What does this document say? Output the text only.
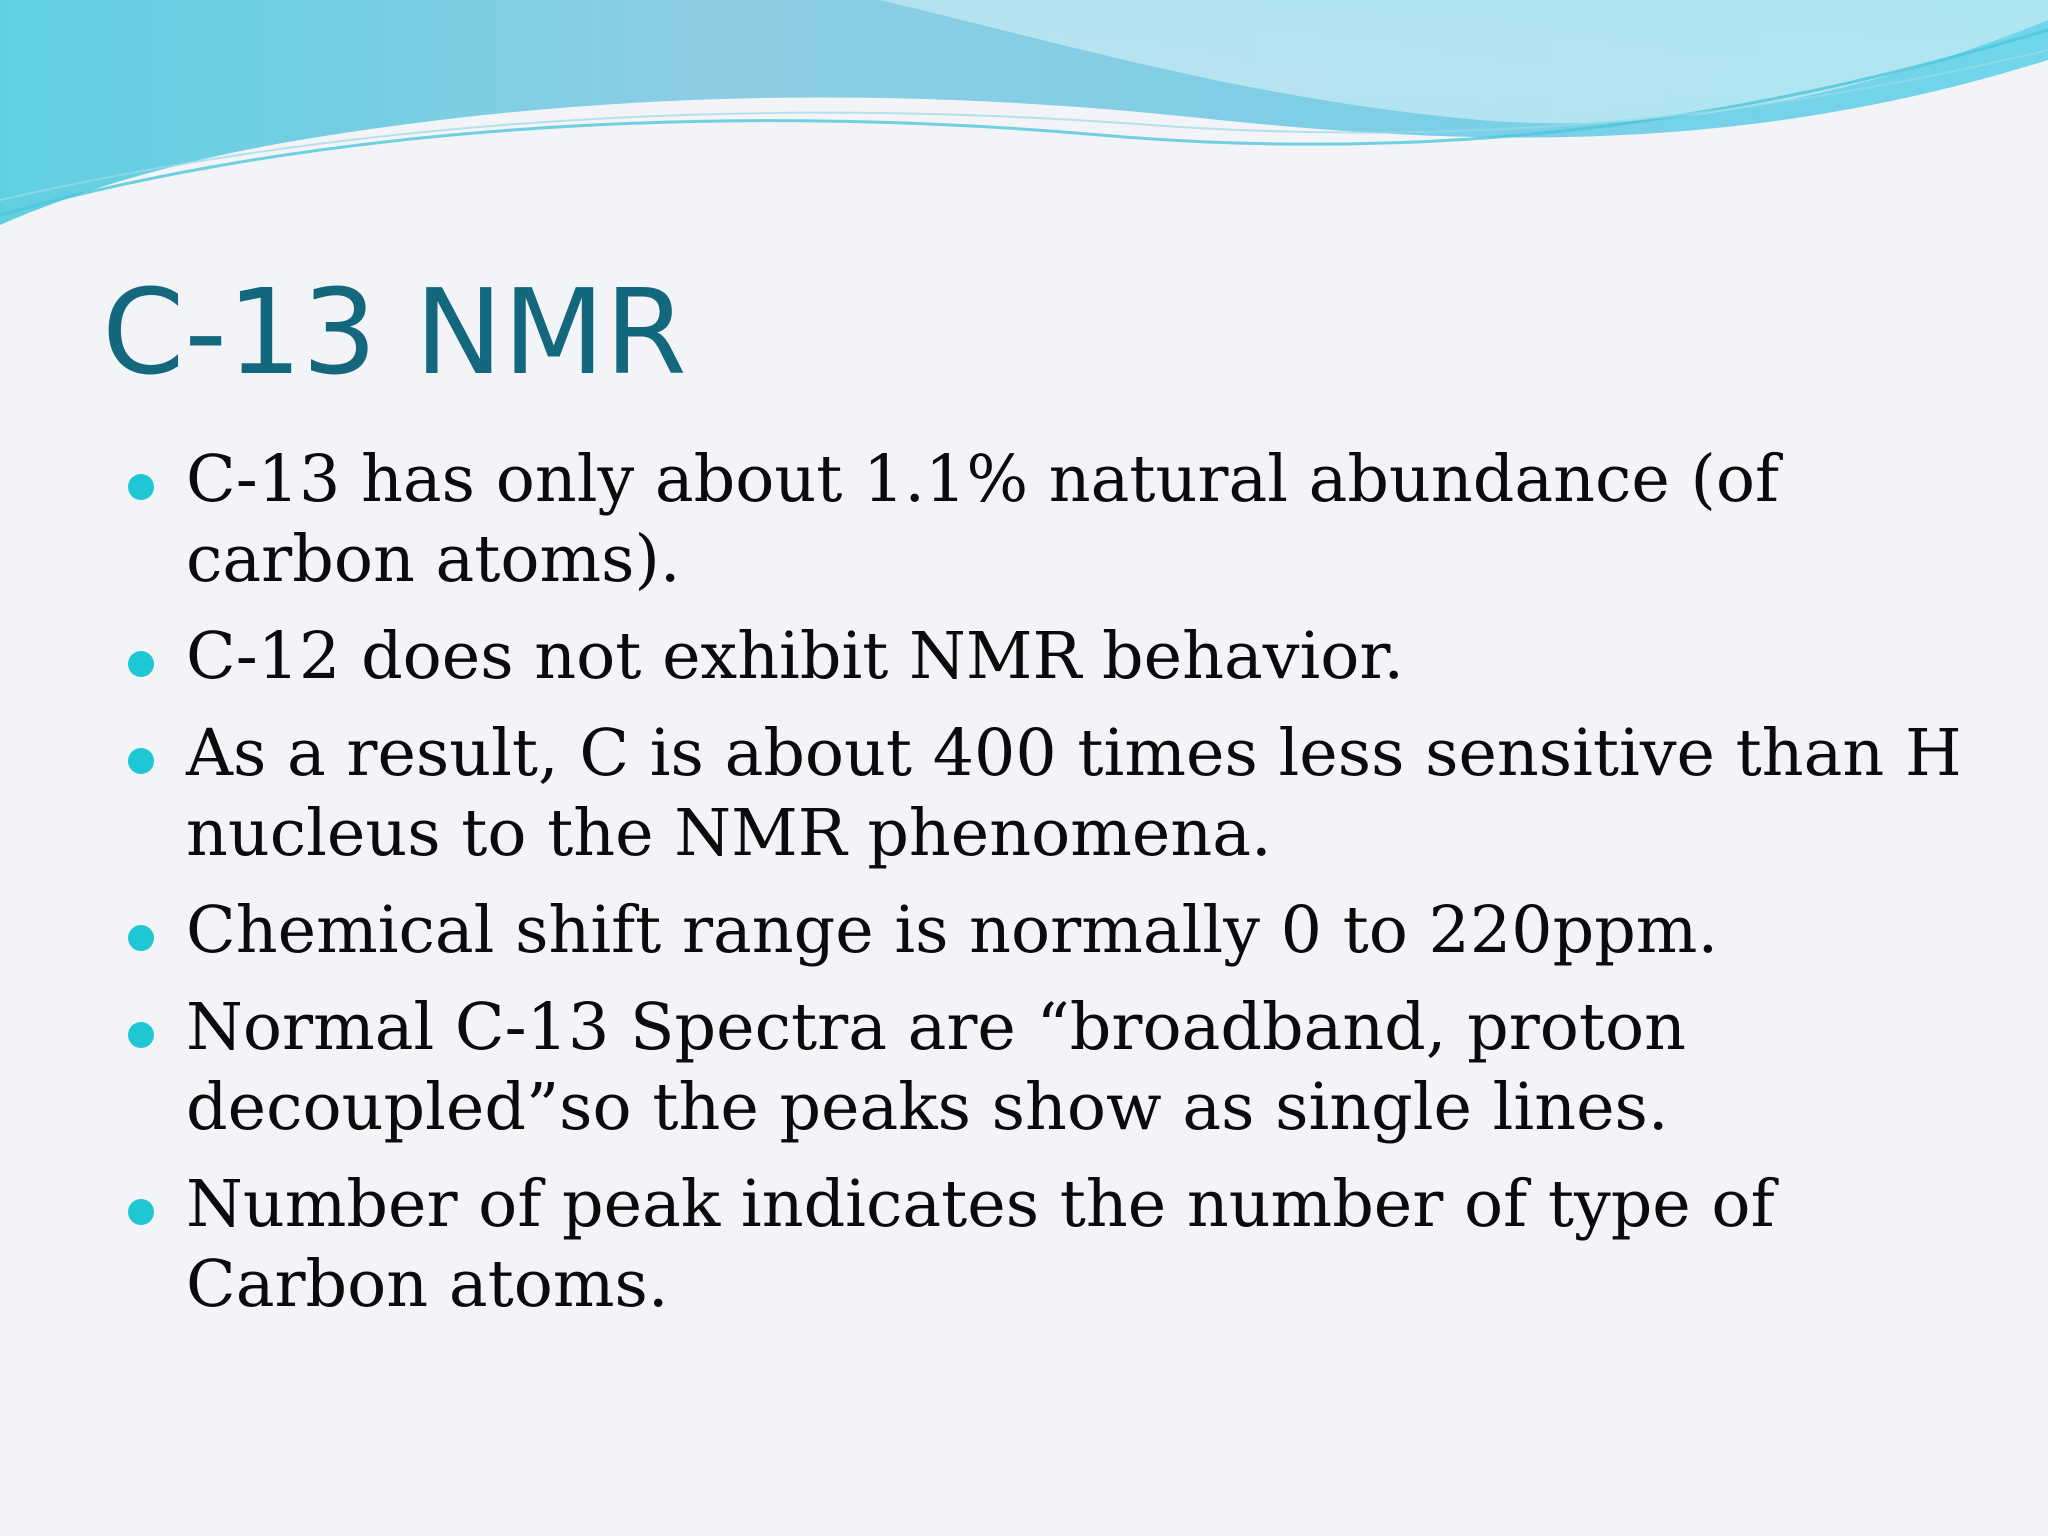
C-13 NMR
C-13 has only about 1.1% natural abundance (of carbon atoms).
C-12 does not exhibit NMR behavior.
As a result, C is about 400 times less sensitive than H nucleus to the NMR phenomena.
Chemical shift range is normally 0 to 220ppm.
Normal C-13 Spectra are “broadband, proton decoupled”so the peaks show as single lines.
Number of peak indicates the number of type of Carbon atoms.
